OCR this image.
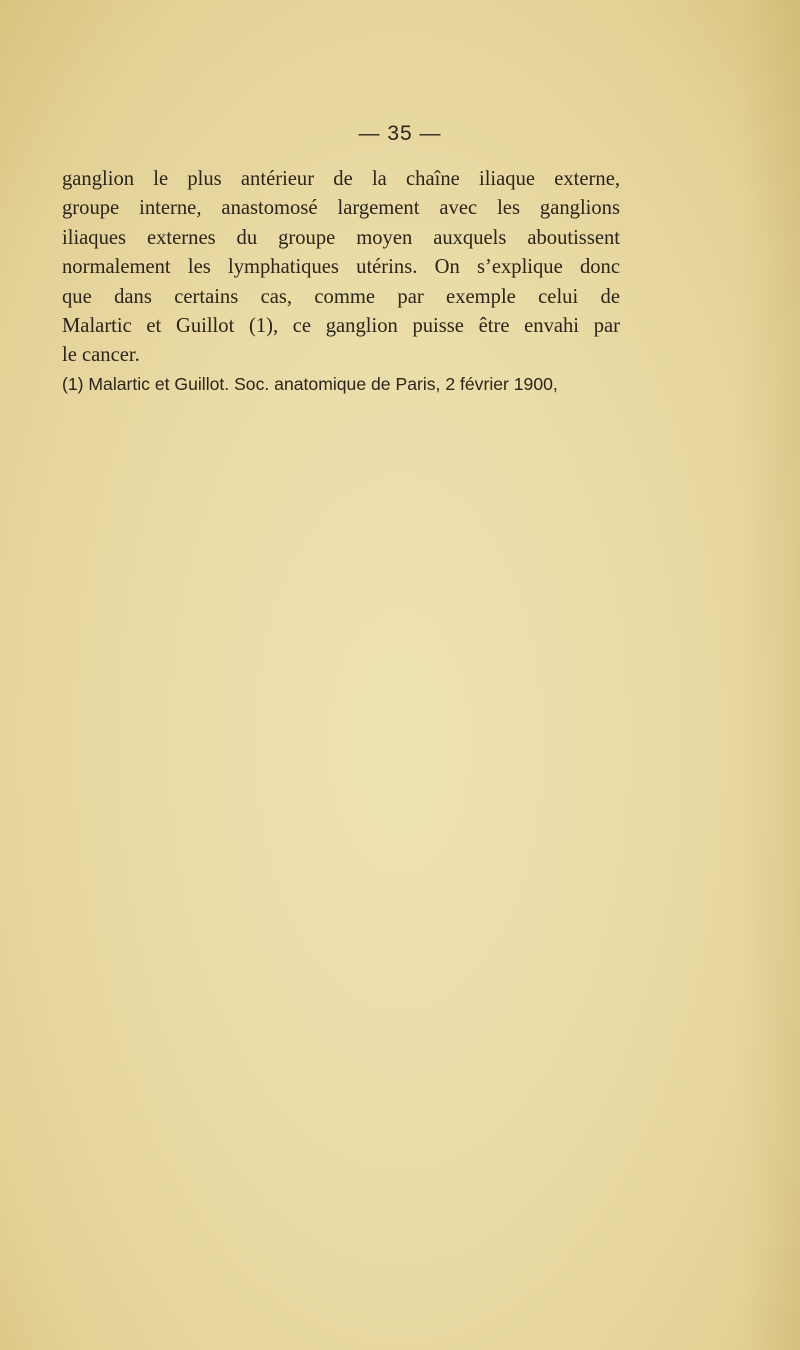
— 35 —

ganglion le plus antérieur de la chaîne iliaque externe,
groupe interne, anastomosé largement avec les ganglions
iliaques externes du groupe moyen auxquels aboutissent
normalement les lymphatiques utérins. On s’explique donc
que dans certains cas, comme par exemple celui de
Malartic et Guillot (1), ce ganglion puisse être envahi par
le cancer.

(1) Malartic et Guillot. Soc. anatomique de Paris, 2 février 1900,
